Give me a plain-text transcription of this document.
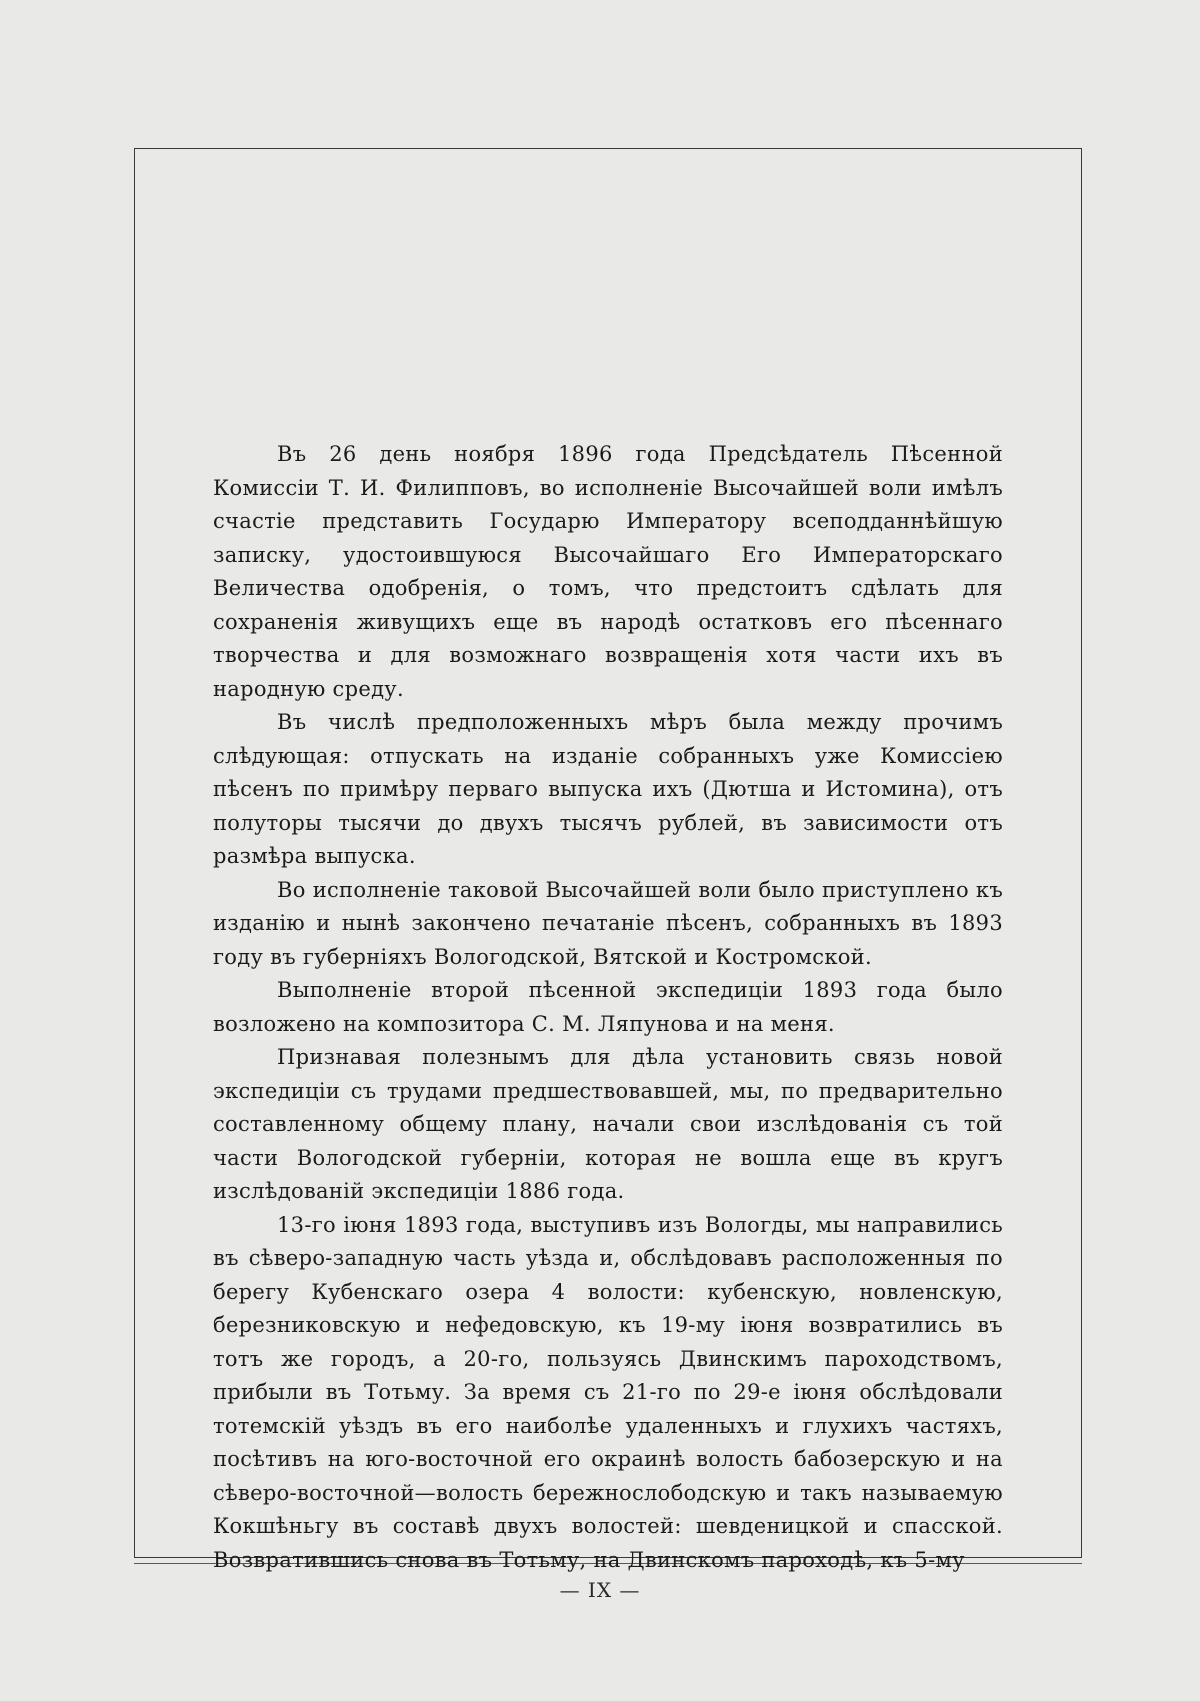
Въ 26 день ноября 1896 года Предсѣдатель Пѣсенной Комиссіи Т. И. Филипповъ, во исполненіе Высочайшей воли имѣлъ счастіе представить Государю Императору всеподданнѣйшую записку, удостоившуюся Высочайшаго Его Императорскаго Величества одобренія, о томъ, что предстоитъ сдѣлать для сохраненія живущихъ еще въ народѣ остатковъ его пѣсеннаго творчества и для возможнаго возвращенія хотя части ихъ въ народную среду.

Въ числѣ предположенныхъ мѣръ была между прочимъ слѣдующая: отпускать на изданіе собранныхъ уже Комиссіею пѣсенъ по примѣру перваго выпуска ихъ (Дютша и Истомина), отъ полуторы тысячи до двухъ тысячъ рублей, въ зависимости отъ размѣра выпуска.

Во исполненіе таковой Высочайшей воли было приступлено къ изданію и нынѣ закончено печатаніе пѣсенъ, собранныхъ въ 1893 году въ губерніяхъ Вологодской, Вятской и Костромской.

Выполненіе второй пѣсенной экспедиціи 1893 года было возложено на композитора С. М. Ляпунова и на меня.

Признавая полезнымъ для дѣла установить связь новой экспедиціи съ трудами предшествовавшей, мы, по предварительно составленному общему плану, начали свои изслѣдованія съ той части Вологодской губерніи, которая не вошла еще въ кругъ изслѣдованій экспедиціи 1886 года.

13-го іюня 1893 года, выступивъ изъ Вологды, мы направились въ сѣверо-западную часть уѣзда и, обслѣдовавъ расположенныя по берегу Кубенскаго озера 4 волости: кубенскую, новленскую, березниковскую и нефедовскую, къ 19-му іюня возвратились въ тотъ же городъ, а 20-го, пользуясь Двинскимъ пароходствомъ, прибыли въ Тотьму. За время съ 21-го по 29-е іюня обслѣдовали тотемскій уѣздъ въ его наиболѣе удаленныхъ и глухихъ частяхъ, посѣтивъ на юго-восточной его окраинѣ волость бабозерскую и на сѣверо-восточной—волость бережнослободскую и такъ называемую Кокшѣньгу въ составѣ двухъ волостей: шевденицкой и спасской. Возвратившись снова въ Тотьму, на Двинскомъ пароходѣ, къ 5-му

— IX —
